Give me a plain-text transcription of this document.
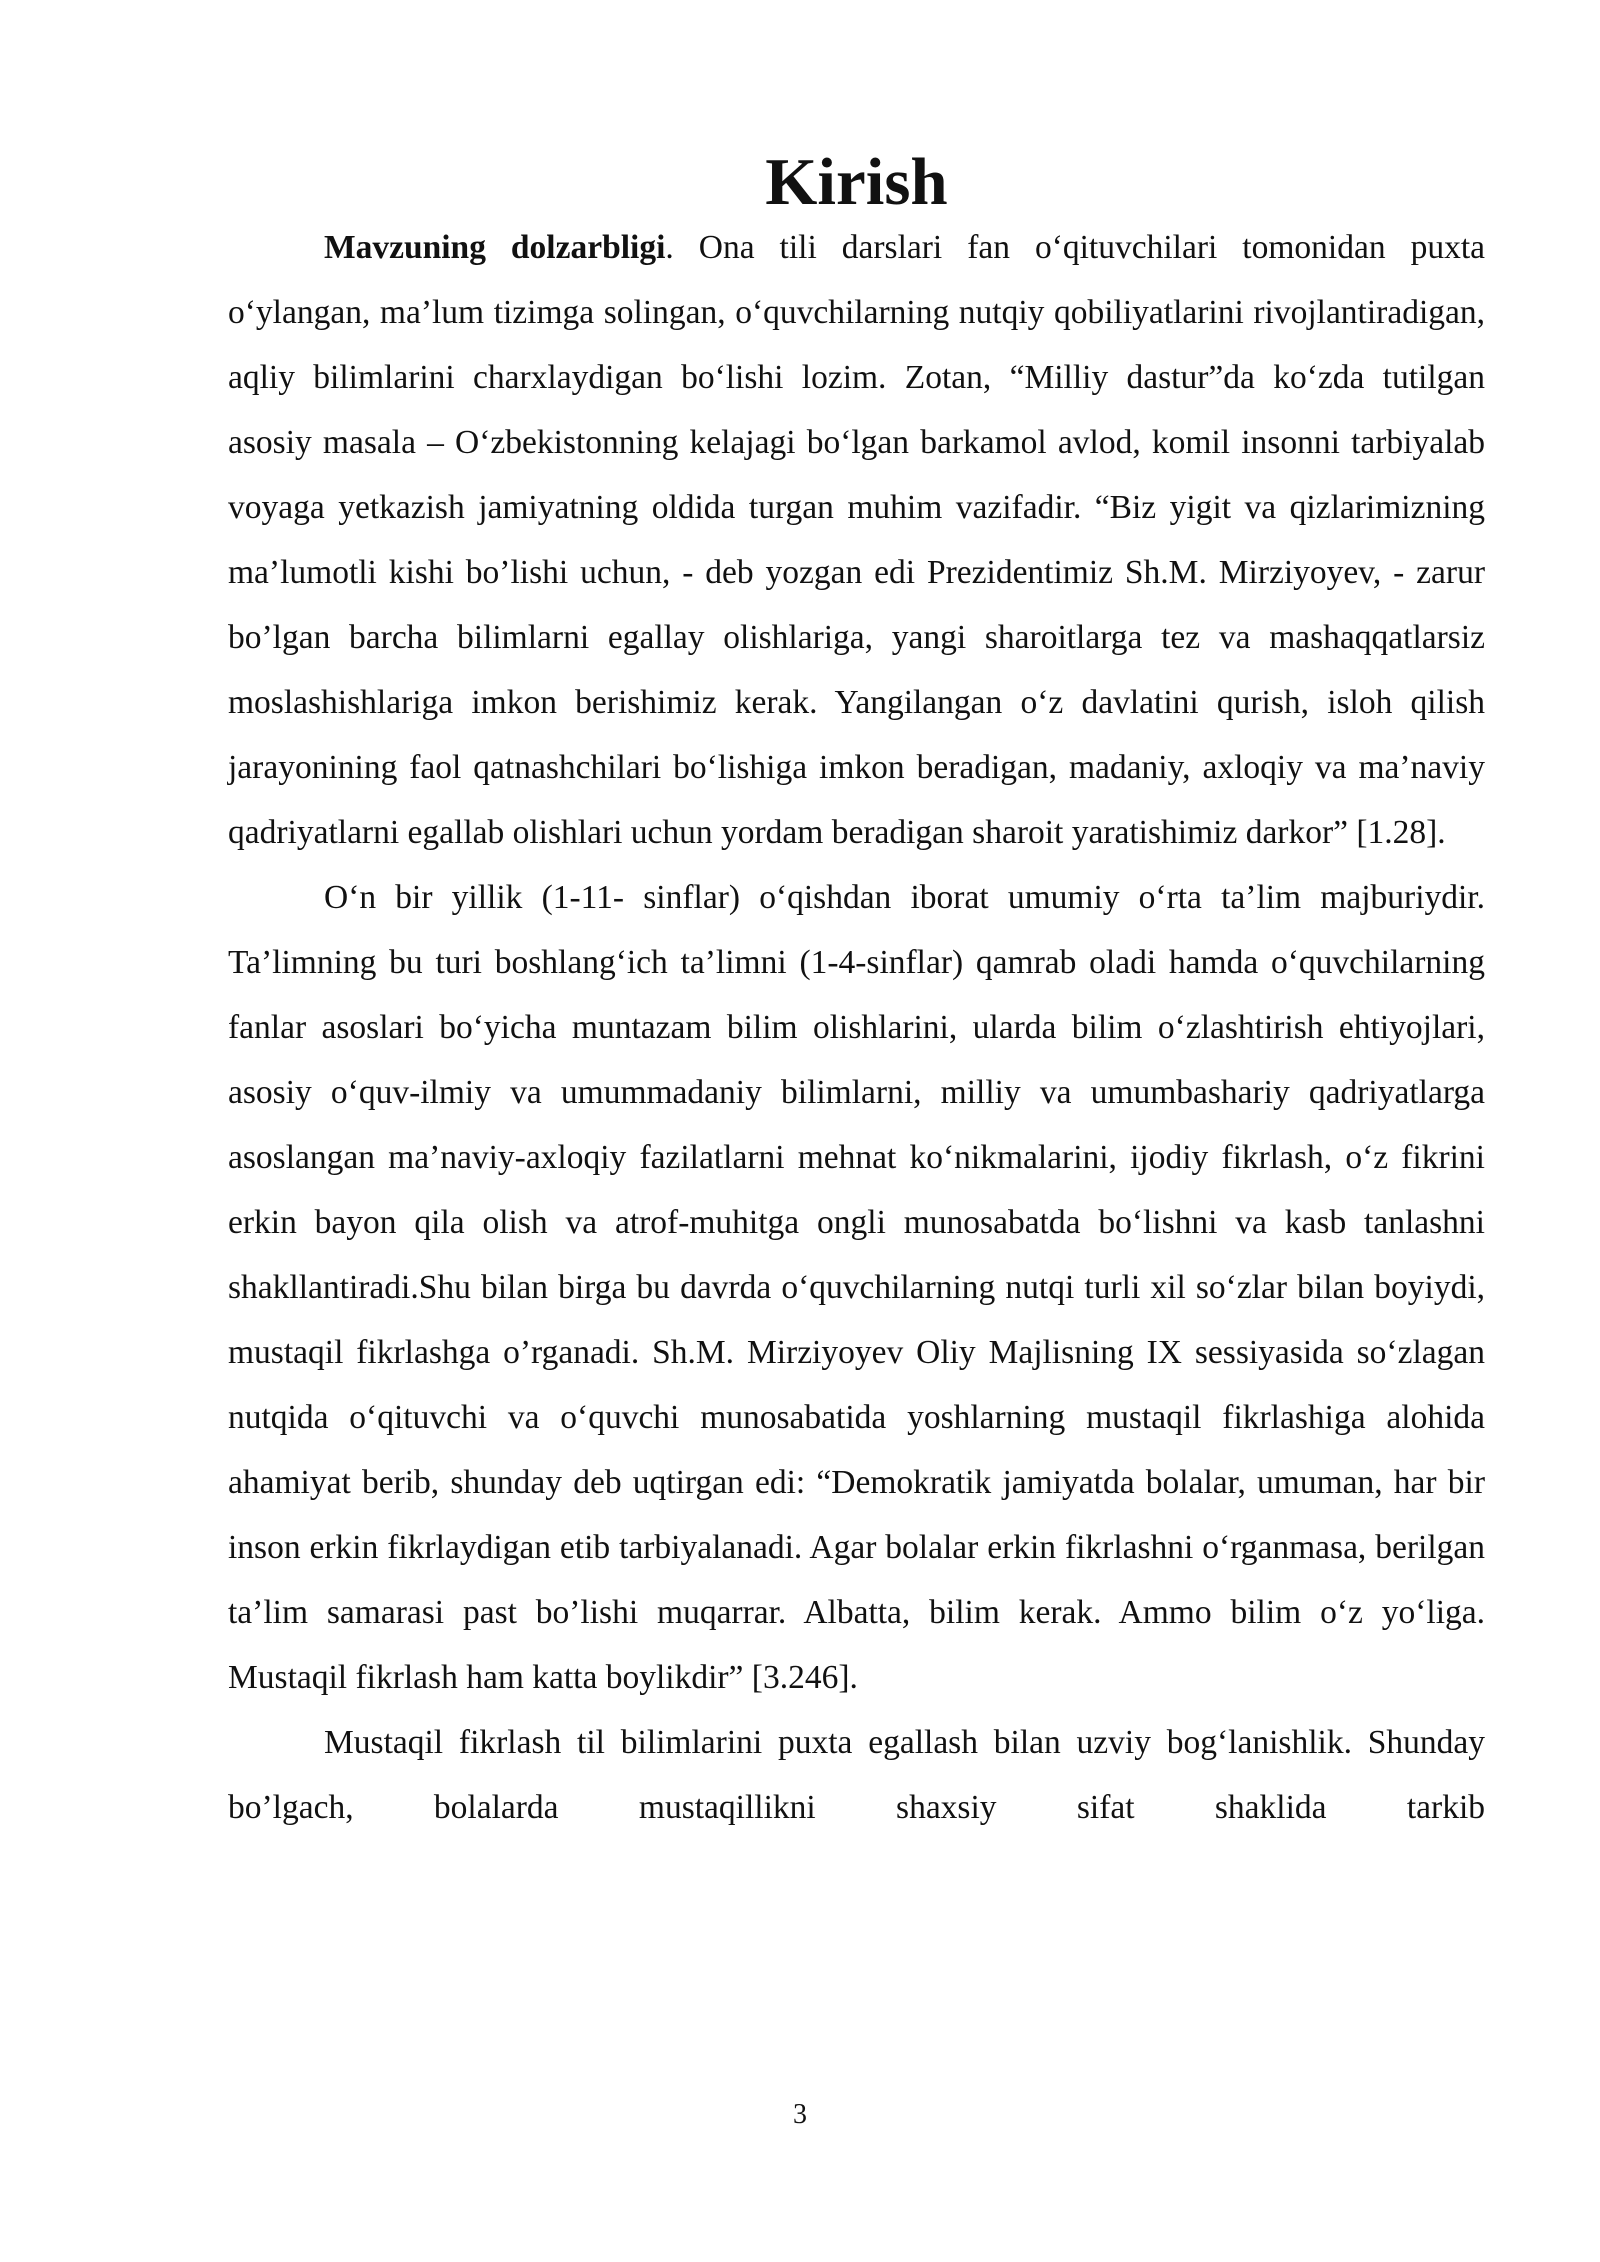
Kirish

Mavzuning dolzarbligi. Ona tili darslari fan o‘qituvchilari tomonidan puxta o‘ylangan, ma’lum tizimga solingan, o‘quvchilarning nutqiy qobiliyatlarini rivojlantiradigan, aqliy bilimlarini charxlaydigan bo‘lishi lozim. Zotan, “Milliy dastur”da ko‘zda tutilgan asosiy masala – O‘zbekistonning kelajagi bo‘lgan barkamol avlod, komil insonni tarbiyalab voyaga yetkazish jamiyatning oldida turgan muhim vazifadir. “Biz yigit va qizlarimizning ma’lumotli kishi bo’lishi uchun, - deb yozgan edi Prezidentimiz Sh.M. Mirziyoyev, - zarur bo’lgan barcha bilimlarni egallay olishlariga, yangi sharoitlarga tez va mashaqqatlarsiz moslashishlariga imkon berishimiz kerak. Yangilangan o‘z davlatini qurish, isloh qilish jarayonining faol qatnashchilari bo‘lishiga imkon beradigan, madaniy, axloqiy va ma’naviy qadriyatlarni egallab olishlari uchun yordam beradigan sharoit yaratishimiz darkor” [1.28].

O‘n bir yillik (1-11- sinflar) o‘qishdan iborat umumiy o‘rta ta’lim majburiydir. Ta’limning bu turi boshlang‘ich ta’limni (1-4-sinflar) qamrab oladi hamda o‘quvchilarning fanlar asoslari bo‘yicha muntazam bilim olishlarini, ularda bilim o‘zlashtirish ehtiyojlari, asosiy o‘quv-ilmiy va umummadaniy bilimlarni, milliy va umumbashariy qadriyatlarga asoslangan ma’naviy-axloqiy fazilatlarni mehnat ko‘nikmalarini, ijodiy fikrlash, o‘z fikrini erkin bayon qila olish va atrof-muhitga ongli munosabatda bo‘lishni va kasb tanlashni shakllantiradi.Shu bilan birga bu davrda o‘quvchilarning nutqi turli xil so‘zlar bilan boyiydi, mustaqil fikrlashga o’rganadi. Sh.M. Mirziyoyev Oliy Majlisning IX sessiyasida so‘zlagan nutqida o‘qituvchi va o‘quvchi munosabatida yoshlarning mustaqil fikrlashiga alohida ahamiyat berib, shunday deb uqtirgan edi: “Demokratik jamiyatda bolalar, umuman, har bir inson erkin fikrlaydigan etib tarbiyalanadi. Agar bolalar erkin fikrlashni o‘rganmasa, berilgan ta’lim samarasi past bo’lishi muqarrar. Albatta, bilim kerak. Ammo bilim o‘z yo‘liga. Mustaqil fikrlash ham katta boylikdir” [3.246].

Mustaqil fikrlash til bilimlarini puxta egallash bilan uzviy bog‘lanishlik. Shunday bo’lgach, bolalarda mustaqillikni shaxsiy sifat shaklida tarkib

3
